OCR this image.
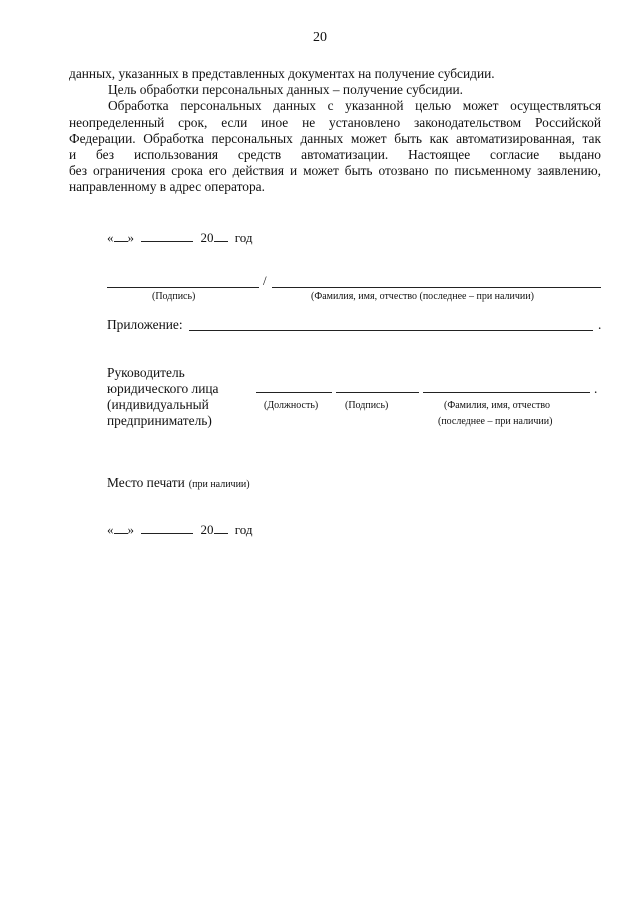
20

данных, указанных в представленных документах на получение субсидии.

Цель обработки персональных данных – получение субсидии.

Обработка персональных данных с указанной целью может осуществляться

неопределенный срок, если иное не установлено законодательством Российской

Федерации. Обработка персональных данных может быть как автоматизированная, так

и без использования средств автоматизации. Настоящее согласие выдано

без ограничения срока его действия и может быть отозвано по письменному заявлению,

направленному в адрес оператора.

« »	20 год
/
(Подпись)	(Фамилия, имя, отчество (последнее – при наличии)
Приложение:	.
Руководитель
юридического лица
(индивидуальный
предприниматель)
.
(Должность)	(Подпись)	(Фамилия, имя, отчество
(последнее – при наличии)
Место печати (при наличии)
« »	20 год
